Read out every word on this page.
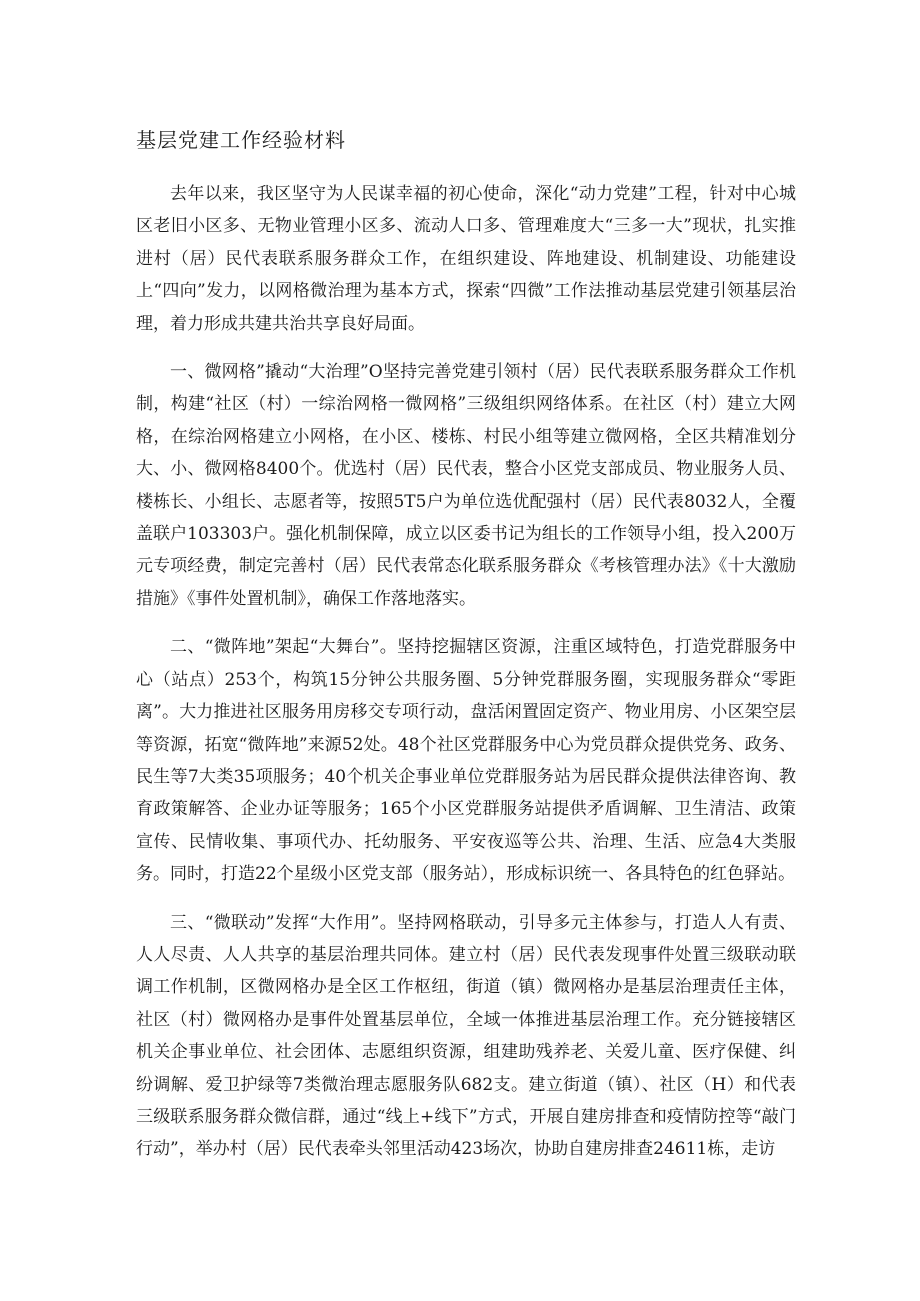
基层党建工作经验材料

去年以来，我区坚守为人民谋幸福的初心使命，深化“动力党建”工程，针对中心城区老旧小区多、无物业管理小区多、流动人口多、管理难度大“三多一大”现状，扎实推进村（居）民代表联系服务群众工作，在组织建设、阵地建设、机制建设、功能建设上“四向”发力，以网格微治理为基本方式，探索“四微”工作法推动基层党建引领基层治理，着力形成共建共治共享良好局面。

一、微网格”撬动“大治理”O坚持完善党建引领村（居）民代表联系服务群众工作机制，构建“社区（村）一综治网格一微网格”三级组织网络体系。在社区（村）建立大网格，在综治网格建立小网格，在小区、楼栋、村民小组等建立微网格，全区共精准划分大、小、微网格8400个。优选村（居）民代表，整合小区党支部成员、物业服务人员、楼栋长、小组长、志愿者等，按照5T5户为单位选优配强村（居）民代表8032人，全覆盖联户103303户。强化机制保障，成立以区委书记为组长的工作领导小组，投入200万元专项经费，制定完善村（居）民代表常态化联系服务群众《考核管理办法》《十大激励措施》《事件处置机制》，确保工作落地落实。

二、“微阵地”架起“大舞台”。坚持挖掘辖区资源，注重区域特色，打造党群服务中心（站点）253个，构筑15分钟公共服务圈、5分钟党群服务圈，实现服务群众“零距离”。大力推进社区服务用房移交专项行动，盘活闲置固定资产、物业用房、小区架空层等资源，拓宽“微阵地”来源52处。48个社区党群服务中心为党员群众提供党务、政务、民生等7大类35项服务；40个机关企事业单位党群服务站为居民群众提供法律咨询、教育政策解答、企业办证等服务；165个小区党群服务站提供矛盾调解、卫生清洁、政策宣传、民情收集、事项代办、托幼服务、平安夜巡等公共、治理、生活、应急4大类服务。同时，打造22个星级小区党支部（服务站），形成标识统一、各具特色的红色驿站。

三、“微联动”发挥“大作用”。坚持网格联动，引导多元主体参与，打造人人有责、人人尽责、人人共享的基层治理共同体。建立村（居）民代表发现事件处置三级联动联调工作机制，区微网格办是全区工作枢纽，街道（镇）微网格办是基层治理责任主体，社区（村）微网格办是事件处置基层单位，全域一体推进基层治理工作。充分链接辖区机关企事业单位、社会团体、志愿组织资源，组建助残养老、关爱儿童、医疗保健、纠纷调解、爱卫护绿等7类微治理志愿服务队682支。建立街道（镇）、社区（H）和代表三级联系服务群众微信群，通过“线上+线下”方式，开展自建房排查和疫情防控等“敲门行动”，举办村（居）民代表牵头邻里活动423场次，协助自建房排查24611栋，走访
